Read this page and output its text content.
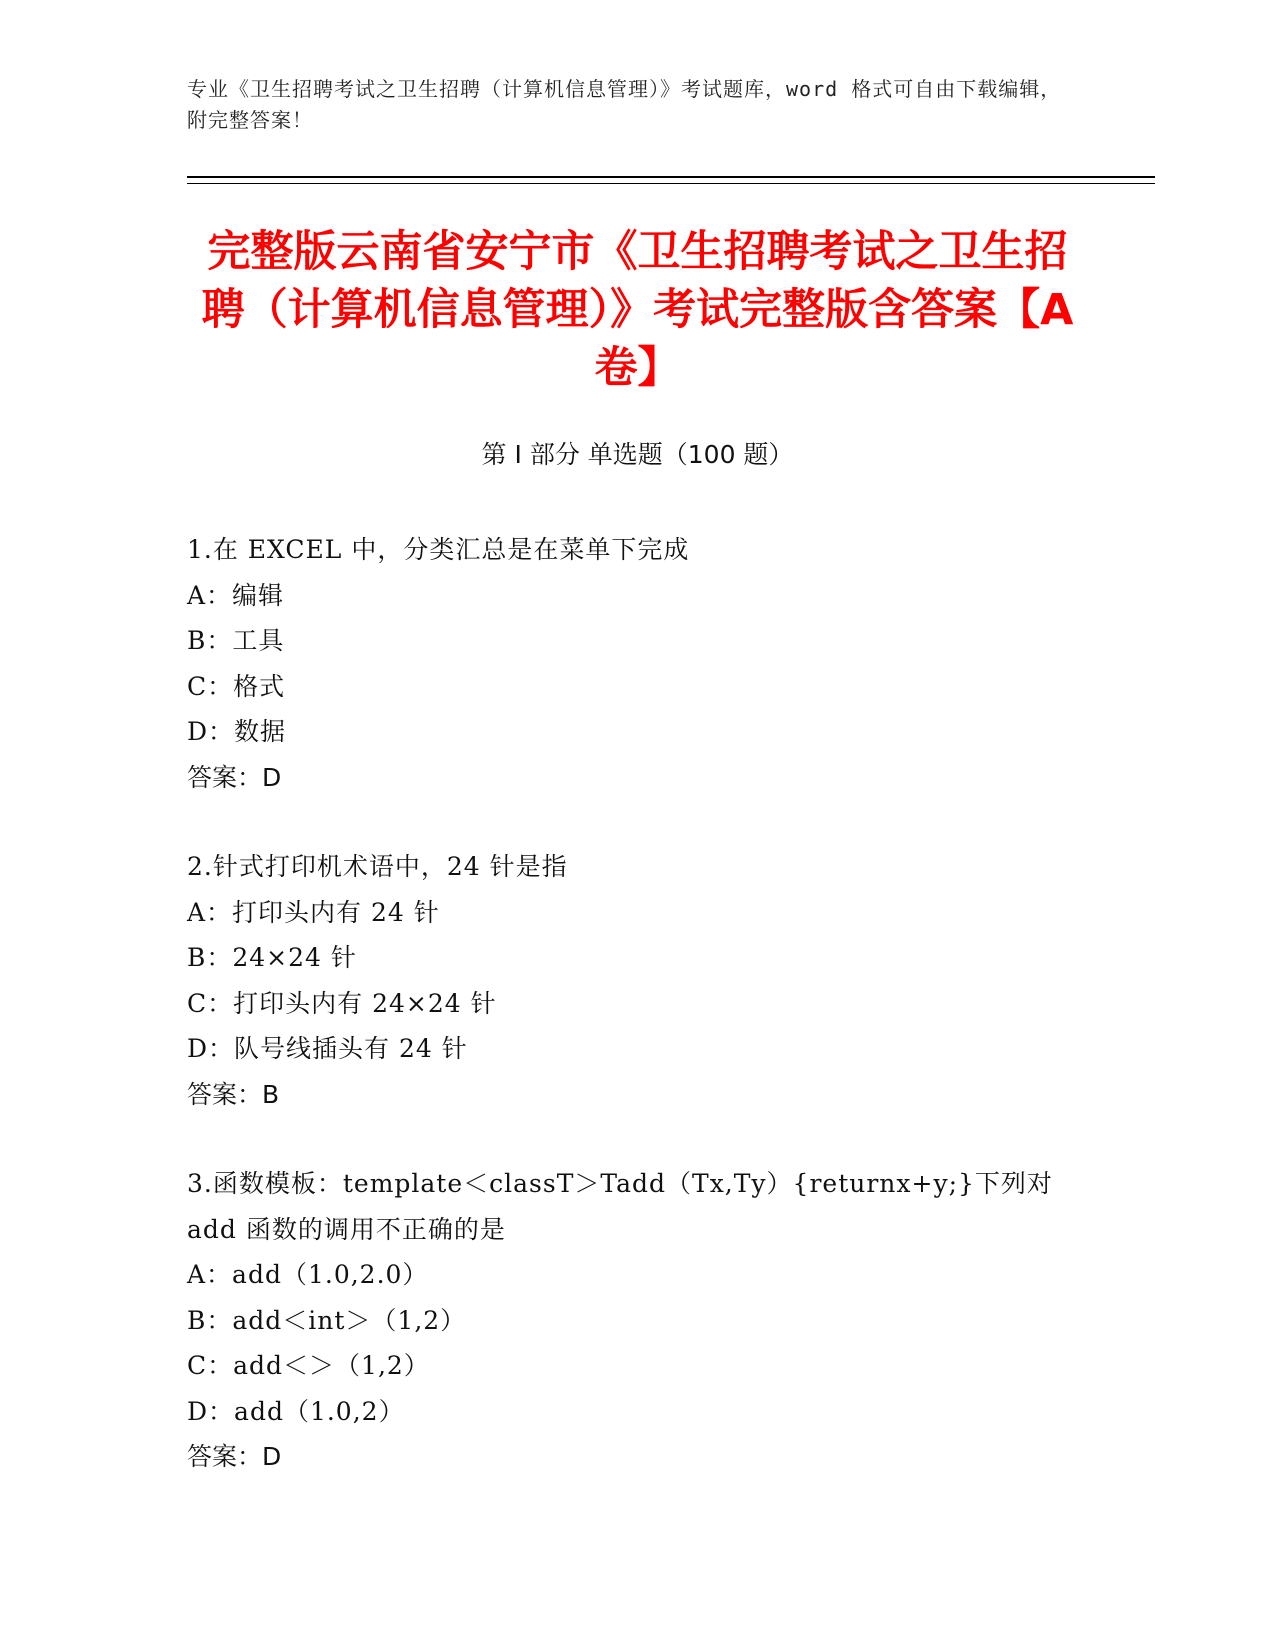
专业《卫生招聘考试之卫生招聘（计算机信息管理）》考试题库，word 格式可自由下载编辑，附完整答案！
完整版云南省安宁市《卫生招聘考试之卫生招聘（计算机信息管理）》考试完整版含答案【A 卷】
第 I 部分 单选题（100 题）
1.在 EXCEL 中，分类汇总是在菜单下完成
A：编辑
B：工具
C：格式
D：数据
答案：D
2.针式打印机术语中，24 针是指
A：打印头内有 24 针
B：24×24 针
C：打印头内有 24×24 针
D：队号线插头有 24 针
答案：B
3.函数模板：template＜classT＞Tadd（Tx,Ty）{returnx+y;}下列对add 函数的调用不正确的是
A：add（1.0,2.0）
B：add＜int＞（1,2）
C：add＜＞（1,2）
D：add（1.0,2）
答案：D
